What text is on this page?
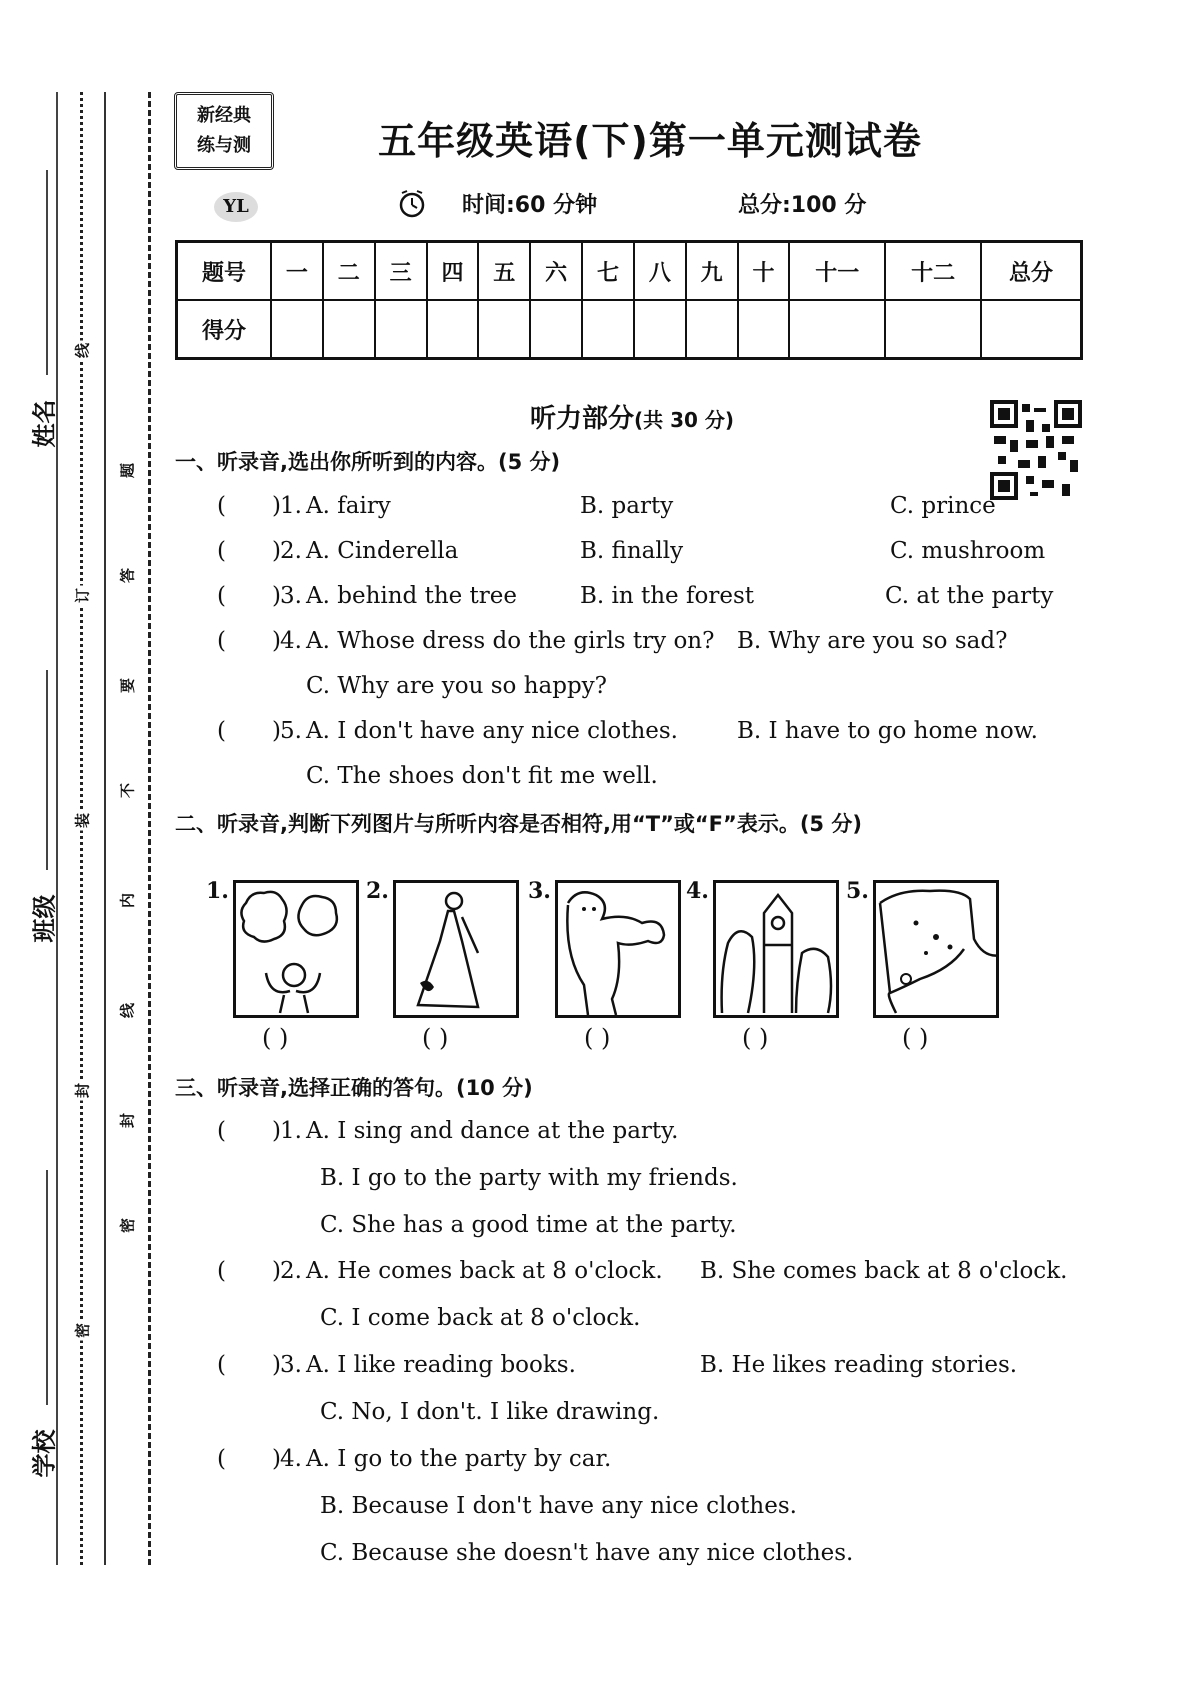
姓名
班级
学校
线
订
装
封
密
题
答
要
不
内
线
封
密
新经典
练与测	五年级英语(下)第一单元测试卷
YL	时间:60 分钟	总分:100 分
题号	一	二	三	四	五	六	七	八	九	十	十一	十二	总分
得分													
听力部分(共 30 分)
一、听录音,选出你所听到的内容。(5 分)
( ) 1. A. fairy	B. party	C. prince
( ) 2. A. Cinderella	B. finally	C. mushroom
( ) 3. A. behind the tree	B. in the forest	C. at the party
( ) 4. A. Whose dress do the girls try on? B. Why are you so sad?
C. Why are you so happy?
( ) 5. A. I don't have any nice clothes.	B. I have to go home now.
C. The shoes don't fit me well.
二、听录音,判断下列图片与所听内容是否相符,用“T”或“F”表示。(5 分)
1.
( )
2.
( )
3.
( )
4.
( )
5.
( )
三、听录音,选择正确的答句。(10 分)
( ) 1. A. I sing and dance at the party.
B. I go to the party with my friends.
C. She has a good time at the party.
( ) 2. A. He comes back at 8 o'clock. B. She comes back at 8 o'clock.
C. I come back at 8 o'clock.
( ) 3. A. I like reading books.	B. He likes reading stories.
C. No, I don't. I like drawing.
( ) 4. A. I go to the party by car.
B. Because I don't have any nice clothes.
C. Because she doesn't have any nice clothes.
